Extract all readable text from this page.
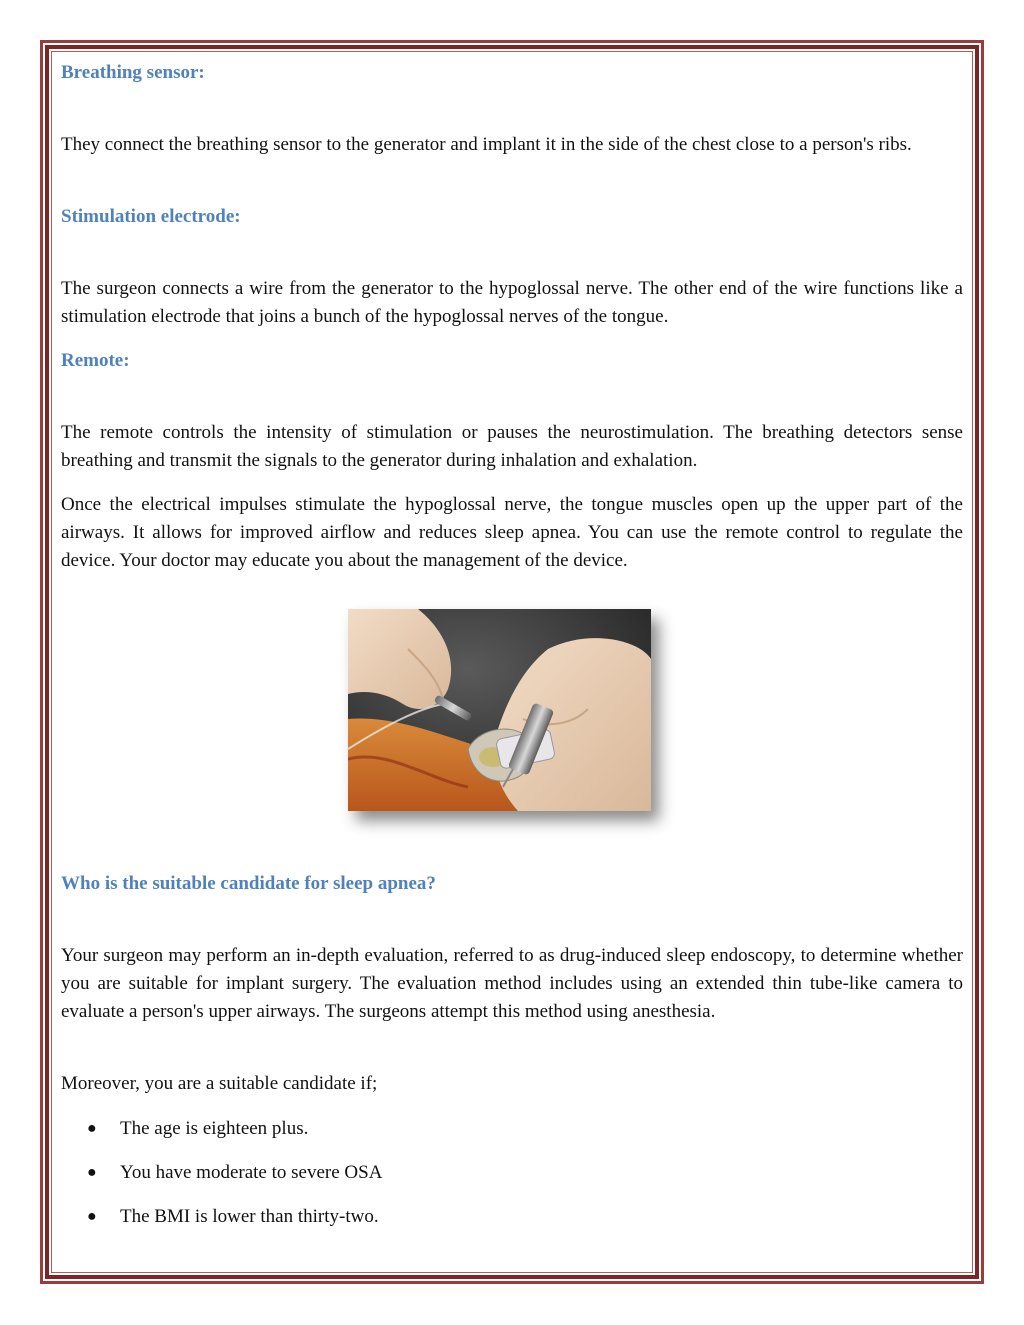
Breathing sensor:

They connect the breathing sensor to the generator and implant it in the side of the chest close to a person's ribs.

Stimulation electrode:

The surgeon connects a wire from the generator to the hypoglossal nerve. The other end of the wire functions like a stimulation electrode that joins a bunch of the hypoglossal nerves of the tongue.

Remote:

The remote controls the intensity of stimulation or pauses the neurostimulation. The breathing detectors sense breathing and transmit the signals to the generator during inhalation and exhalation.

Once the electrical impulses stimulate the hypoglossal nerve, the tongue muscles open up the upper part of the airways. It allows for improved airflow and reduces sleep apnea. You can use the remote control to regulate the device. Your doctor may educate you about the management of the device.

Who is the suitable candidate for sleep apnea?

Your surgeon may perform an in-depth evaluation, referred to as drug-induced sleep endoscopy, to determine whether you are suitable for implant surgery. The evaluation method includes using an extended thin tube-like camera to evaluate a person's upper airways. The surgeons attempt this method using anesthesia.

Moreover, you are a suitable candidate if;

● The age is eighteen plus.
● You have moderate to severe OSA
● The BMI is lower than thirty-two.
